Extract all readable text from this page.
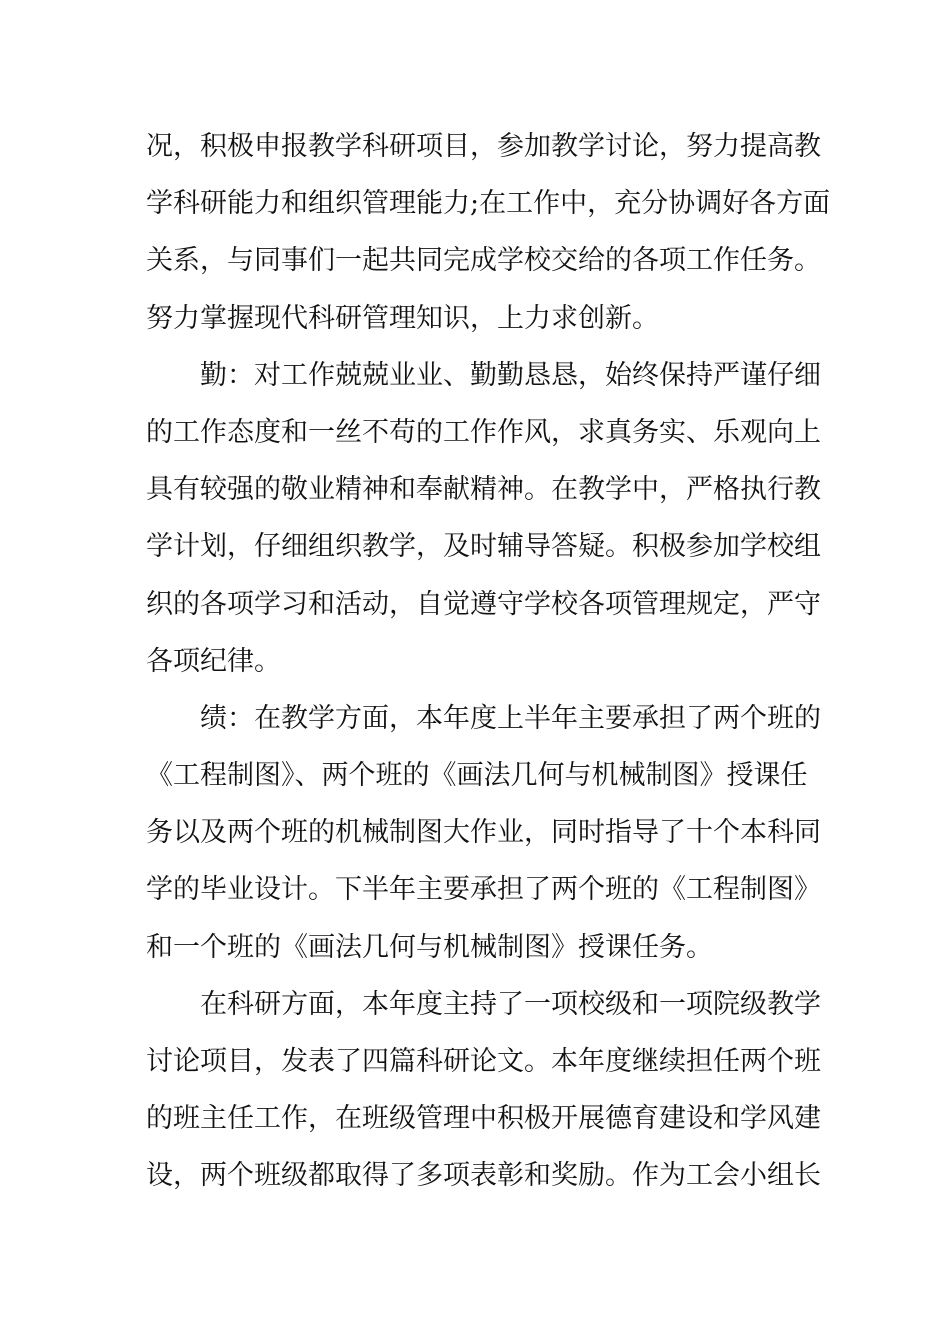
况，积极申报教学科研项目，参加教学讨论，努力提高教
学科研能力和组织管理能力;在工作中，充分协调好各方面
关系，与同事们一起共同完成学校交给的各项工作任务。
努力掌握现代科研管理知识，上力求创新。
勤：对工作兢兢业业、勤勤恳恳，始终保持严谨仔细
的工作态度和一丝不苟的工作作风，求真务实、乐观向上
具有较强的敬业精神和奉献精神。在教学中，严格执行教
学计划，仔细组织教学，及时辅导答疑。积极参加学校组
织的各项学习和活动，自觉遵守学校各项管理规定，严守
各项纪律。
绩：在教学方面，本年度上半年主要承担了两个班的
《工程制图》、两个班的《画法几何与机械制图》授课任
务以及两个班的机械制图大作业，同时指导了十个本科同
学的毕业设计。下半年主要承担了两个班的《工程制图》
和一个班的《画法几何与机械制图》授课任务。
在科研方面，本年度主持了一项校级和一项院级教学
讨论项目，发表了四篇科研论文。本年度继续担任两个班
的班主任工作，在班级管理中积极开展德育建设和学风建
设，两个班级都取得了多项表彰和奖励。作为工会小组长
